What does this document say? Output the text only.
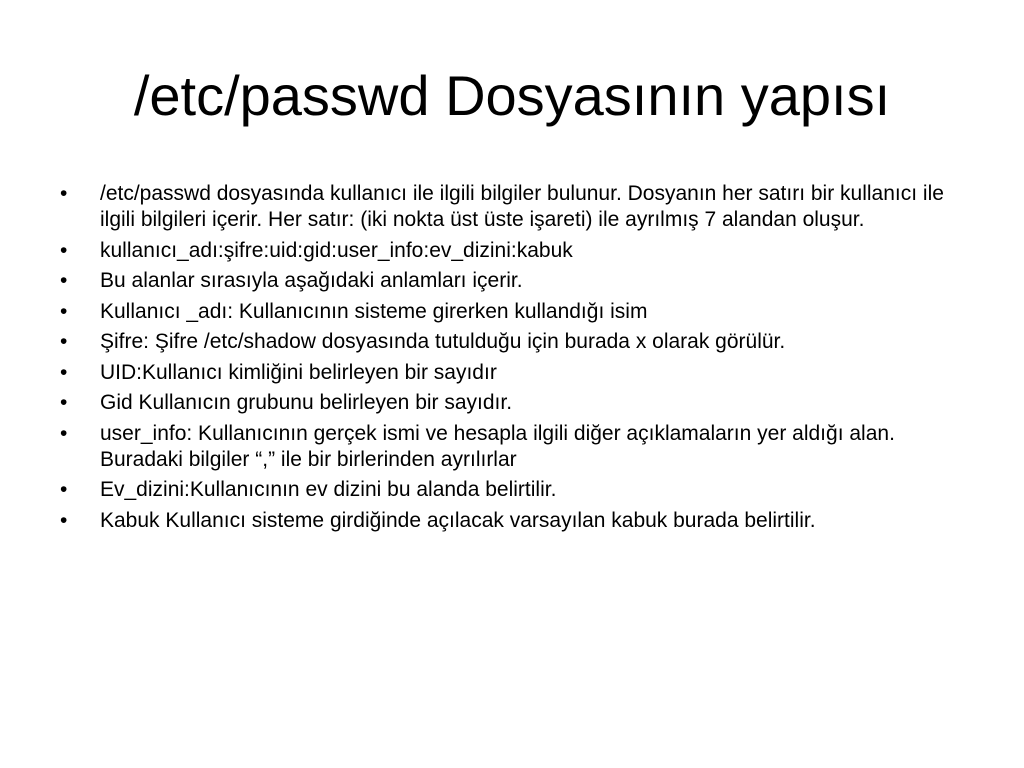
/etc/passwd Dosyasının yapısı
•	/etc/passwd dosyasında kullanıcı ile ilgili bilgiler bulunur. Dosyanın her satırı bir kullanıcı ile ilgili bilgileri içerir. Her satır: (iki nokta üst üste işareti) ile ayrılmış 7 alandan oluşur.
•	kullanıcı_adı:şifre:uid:gid:user_info:ev_dizini:kabuk
•	Bu alanlar sırasıyla aşağıdaki anlamları içerir.
•	Kullanıcı _adı: Kullanıcının sisteme girerken kullandığı isim
•	Şifre: Şifre /etc/shadow dosyasında tutulduğu için burada x olarak görülür.
•	UID:Kullanıcı kimliğini belirleyen bir sayıdır
•	Gid Kullanıcın grubunu belirleyen bir sayıdır.
•	user_info: Kullanıcının gerçek ismi ve hesapla ilgili diğer açıklamaların yer aldığı alan. Buradaki bilgiler “,” ile bir birlerinden ayrılırlar
•	Ev_dizini:Kullanıcının ev dizini bu alanda belirtilir.
•	Kabuk Kullanıcı sisteme girdiğinde açılacak varsayılan kabuk burada belirtilir.
